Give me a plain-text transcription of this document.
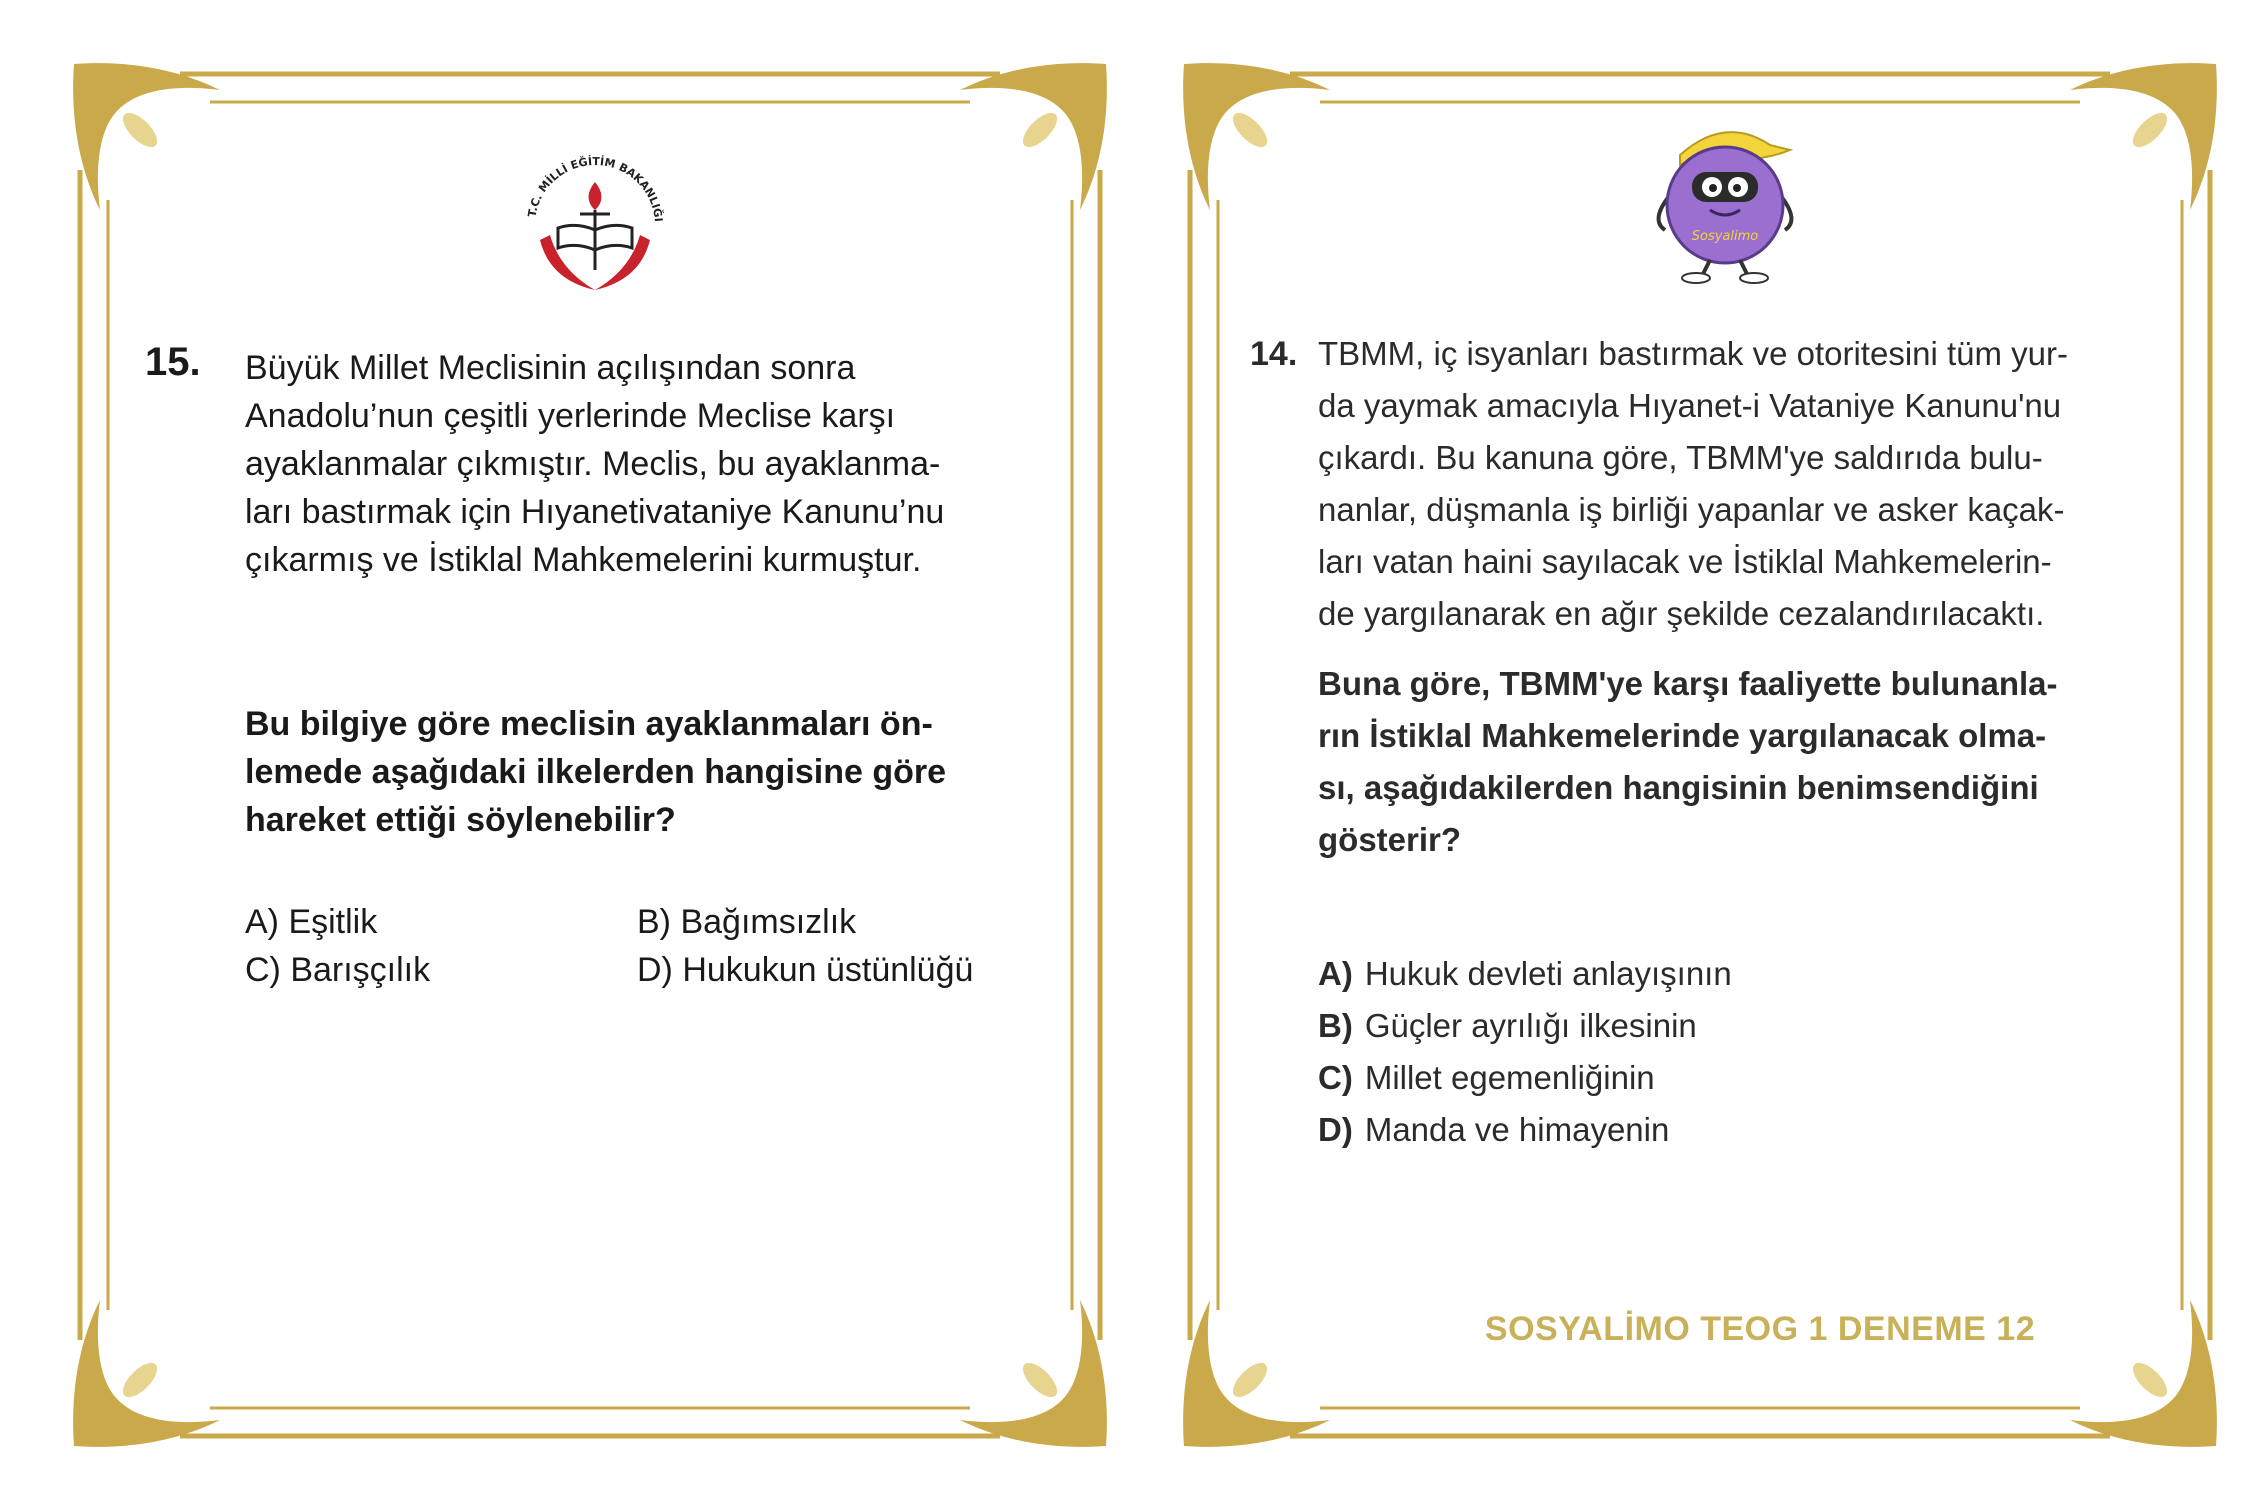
T.C. MİLLİ EĞİTİM BAKANLIĞI
15. Büyük Millet Meclisinin açılışından sonra
Anadolu’nun çeşitli yerlerinde Meclise karşı
ayaklanmalar çıkmıştır. Meclis, bu ayaklanma-
ları bastırmak için Hıyanetivataniye Kanunu’nu
çıkarmış ve İstiklal Mahkemelerini kurmuştur.
Bu bilgiye göre meclisin ayaklanmaları ön-
lemede aşağıdaki ilkelerden hangisine göre
hareket ettiği söylenebilir?
A) Eşitlik	B) Bağımsızlık
C) Barışçılık	D) Hukukun üstünlüğü
Sosyalimo
14. TBMM, iç isyanları bastırmak ve otoritesini tüm yur-
da yaymak amacıyla Hıyanet-i Vataniye Kanunu'nu
çıkardı. Bu kanuna göre, TBMM'ye saldırıda bulu-
nanlar, düşmanla iş birliği yapanlar ve asker kaçak-
ları vatan haini sayılacak ve İstiklal Mahkemelerin-
de yargılanarak en ağır şekilde cezalandırılacaktı.
Buna göre, TBMM'ye karşı faaliyette bulunanla-
rın İstiklal Mahkemelerinde yargılanacak olma-
sı, aşağıdakilerden hangisinin benimsendiğini
gösterir?
A) Hukuk devleti anlayışının
B) Güçler ayrılığı ilkesinin
C) Millet egemenliğinin
D) Manda ve himayenin
SOSYALİMO TEOG 1 DENEME 12
